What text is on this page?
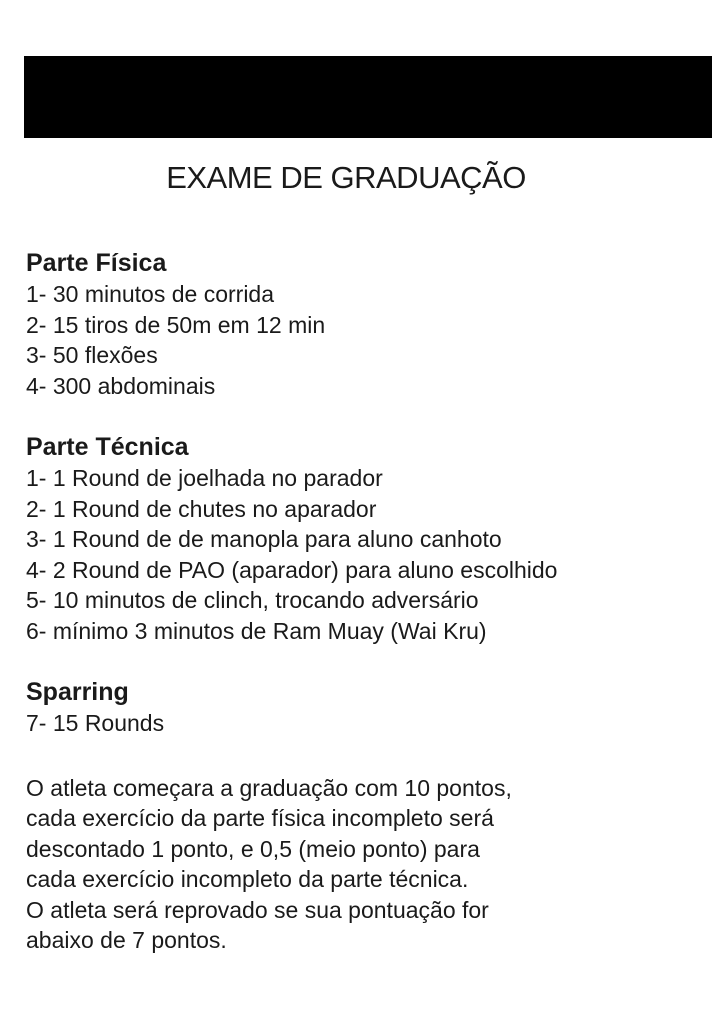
EXAME DE GRADUAÇÃO
Parte Física
1- 30 minutos de corrida
2- 15 tiros de 50m em 12 min
3- 50 flexões
4- 300 abdominais
Parte Técnica
1- 1 Round de joelhada no parador
2- 1 Round de chutes no aparador
3- 1 Round de de manopla para aluno canhoto
4- 2 Round de PAO (aparador) para aluno escolhido
5- 10 minutos de clinch, trocando adversário
6- mínimo 3 minutos de Ram Muay (Wai Kru)
Sparring
7- 15 Rounds

O atleta começara a graduação com 10 pontos,

cada exercício da parte física incompleto será

descontado 1 ponto, e 0,5 (meio ponto) para

cada exercício incompleto da parte técnica.

O atleta será reprovado se sua pontuação for

abaixo de 7 pontos.
